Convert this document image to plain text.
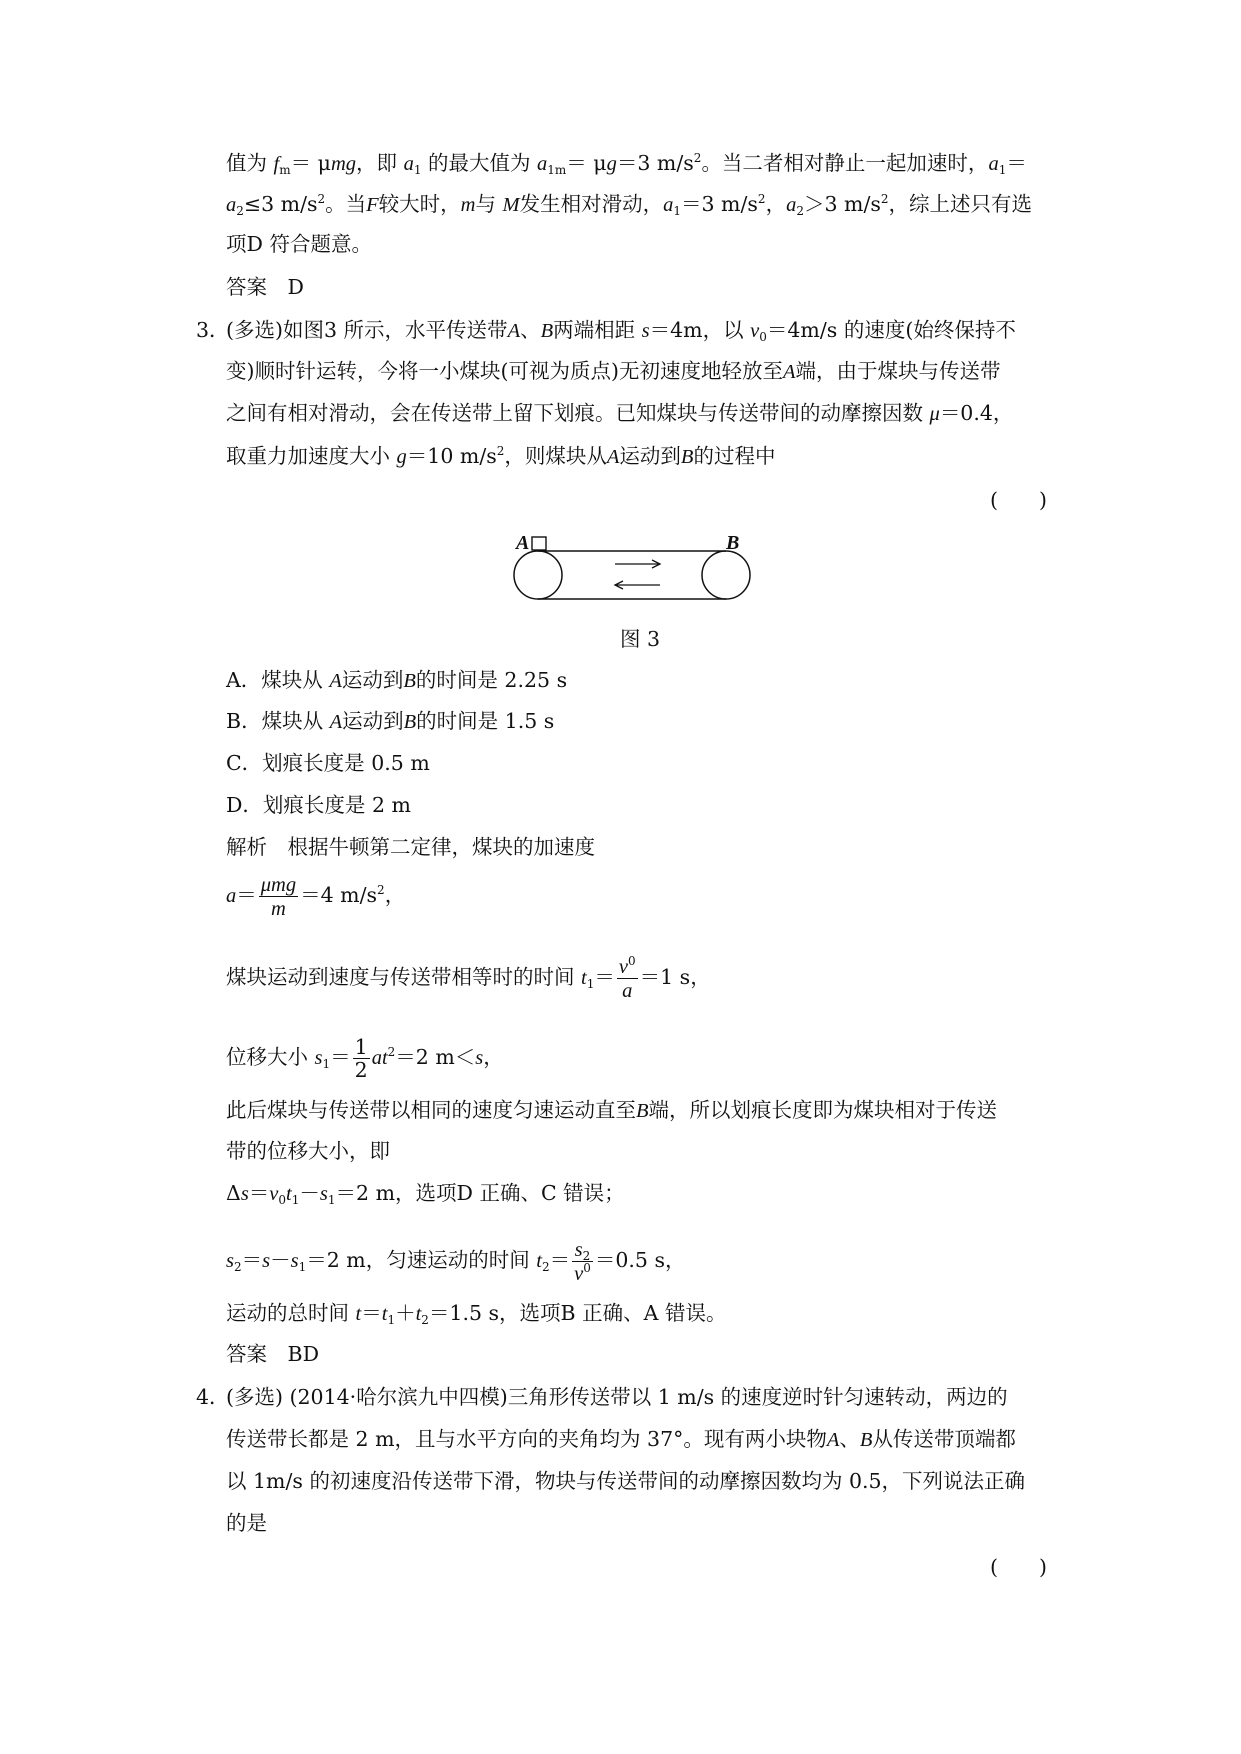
值为 $f_m= \mu mg$，即 $a_1$ 的最大值为 $a_{1m}= \mu g=3$ $m/s^2$。当二者相对静止一起加速时，$a_1=$
$a_2\le 3$ $m/s^2$。当F较大时，m与 M发生相对滑动，$a_1=3$ $m/s^2$，$a_2>3$ $m/s^2$，综上述只有选
项D 符合题意。
答案　D
3．
(多选)如图3 所示，水平传送带A、B两端相距 s＝4m，以 $v_0=4m/s$ 的速度(始终保持不
变)顺时针运转，今将一小煤块(可视为质点)无初速度地轻放至A端，由于煤块与传送带
之间有相对滑动，会在传送带上留下划痕。已知煤块与传送带间的动摩擦因数 μ＝0.4，
取重力加速度大小 g＝10 $m/s^2$，则煤块从A运动到B的过程中
(　　)
A	B
图 3
A．煤块从 A运动到B的时间是 2.25 s
B．煤块从 A运动到B的时间是 1.5 s
C．划痕长度是 0.5 m
D．划痕长度是 2 m
解析　根据牛顿第二定律，煤块的加速度
$a= \frac{\text{μmg}}{m} =4$ $m/s^2$，
煤块运动到速度与传送带相等时的时间 $t_1= \frac{v^0}{a} =1$ s，
位移大小 $s_1= \frac{1}{2} at^2=2$ m＜s，
此后煤块与传送带以相同的速度匀速运动直至B端，所以划痕长度即为煤块相对于传送
带的位移大小，即
$\Delta s=v_0t_1-s_1=2$ m，选项D 正确、C 错误；
$s_2=s-s_1=2$ m，匀速运动的时间 $t_2= \frac{s_2}{v^0} =0.5$ s，
运动的总时间 $t=t_1+t_2=1.5$ s，选项B 正确、A 错误。
答案　BD
4．
(多选) (2014·哈尔滨九中四模)三角形传送带以 1 m/s 的速度逆时针匀速转动，两边的
传送带长都是 2 m，且与水平方向的夹角均为 37°。现有两小块物A、B从传送带顶端都
以 1m/s 的初速度沿传送带下滑，物块与传送带间的动摩擦因数均为 0.5，下列说法正确
的是
(　　)
